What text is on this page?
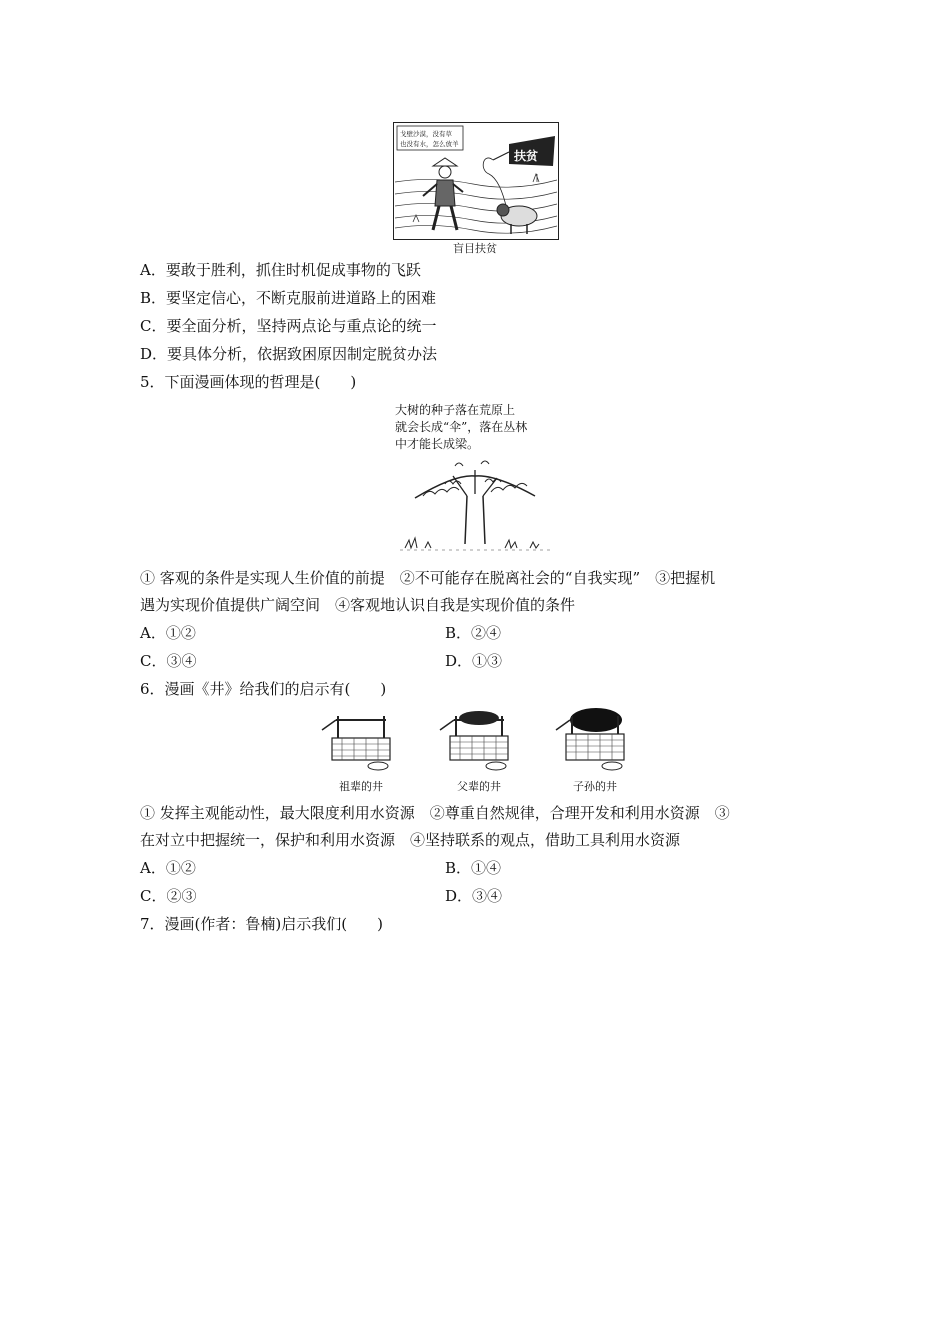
戈壁沙漠，没有草
也没有水，怎么放羊
扶贫
盲目扶贫
A．要敢于胜利，抓住时机促成事物的飞跃
B．要坚定信心，不断克服前进道路上的困难
C．要全面分析，坚持两点论与重点论的统一
D．要具体分析，依据致困原因制定脱贫办法
5．下面漫画体现的哲理是(　　)
大树的种子落在荒原上
就会长成“伞”，落在丛林
中才能长成梁。
① 客观的条件是实现人生价值的前提　②不可能存在脱离社会的“自我实现”　③把握机
遇为实现价值提供广阔空间　④客观地认识自我是实现价值的条件
A．①②	B．②④
C．③④	D．①③
6．漫画《井》给我们的启示有(　　)
祖辈的井	父辈的井	子孙的井
① 发挥主观能动性，最大限度利用水资源　②尊重自然规律，合理开发和利用水资源　③
在对立中把握统一，保护和利用水资源　④坚持联系的观点，借助工具利用水资源
A．①②	B．①④
C．②③	D．③④
7．漫画(作者：鲁楠)启示我们(　　)
